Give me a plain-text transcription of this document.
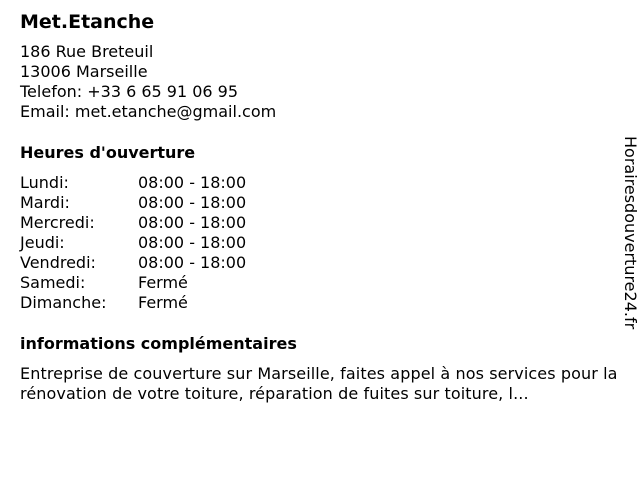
Met.Etanche
186 Rue Breteuil
13006 Marseille
Telefon: +33 6 65 91 06 95
Email: met.etanche@gmail.com
Heures d'ouverture
Lundi:	08:00 - 18:00
Mardi:	08:00 - 18:00
Mercredi:	08:00 - 18:00
Jeudi:	08:00 - 18:00
Vendredi:	08:00 - 18:00
Samedi:	Fermé
Dimanche:	Fermé
informations complémentaires
Entreprise de couverture sur Marseille, faites appel à nos services pour la rénovation de votre toiture, réparation de fuites sur toiture, l...
Horairesdouverture24.fr
